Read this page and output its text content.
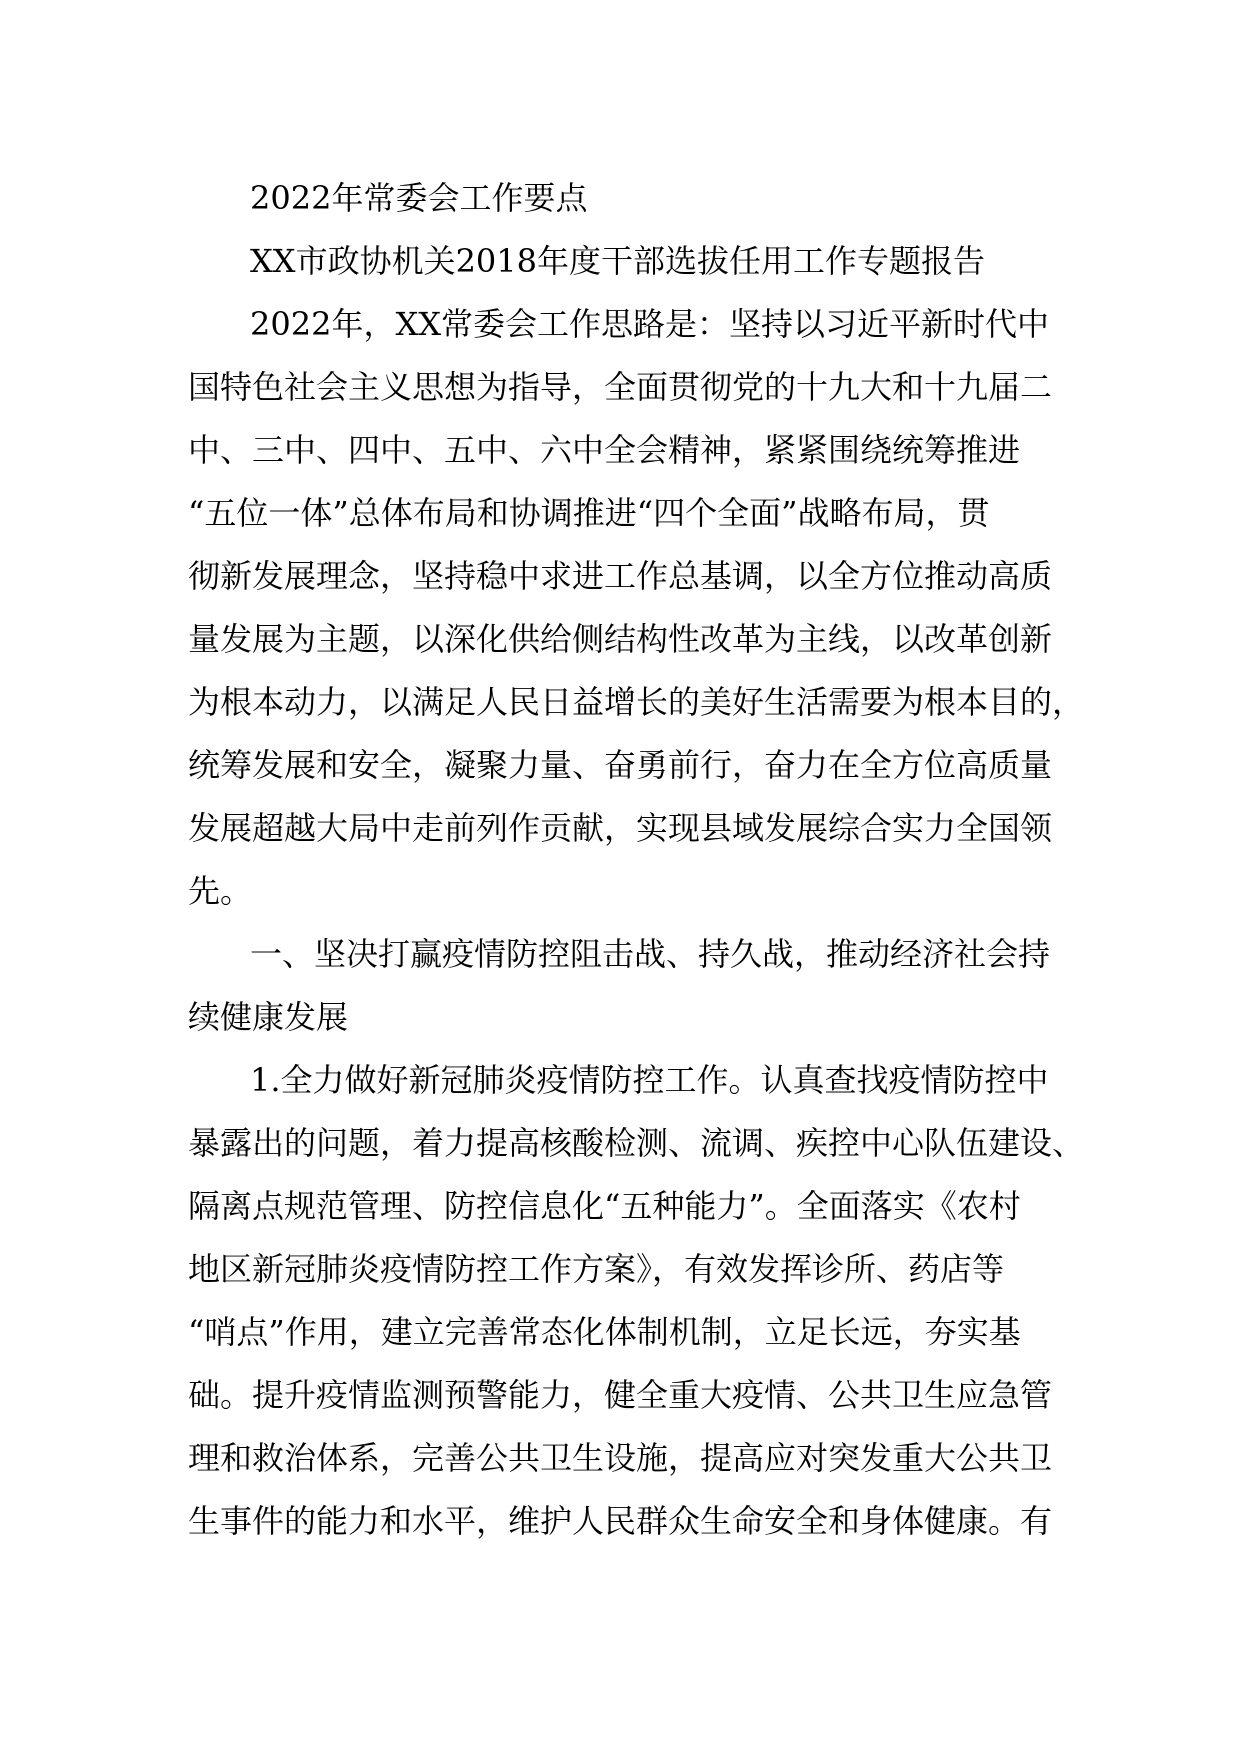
2022年常委会工作要点
XX市政协机关2018年度干部选拔任用工作专题报告
2022年，XX常委会工作思路是：坚持以习近平新时代中
国特色社会主义思想为指导，全面贯彻党的十九大和十九届二
中、三中、四中、五中、六中全会精神，紧紧围绕统筹推进
“五位一体”总体布局和协调推进“四个全面”战略布局，贯
彻新发展理念，坚持稳中求进工作总基调，以全方位推动高质
量发展为主题，以深化供给侧结构性改革为主线，以改革创新
为根本动力，以满足人民日益增长的美好生活需要为根本目的，
统筹发展和安全，凝聚力量、奋勇前行，奋力在全方位高质量
发展超越大局中走前列作贡献，实现县域发展综合实力全国领
先。
一、坚决打赢疫情防控阻击战、持久战，推动经济社会持
续健康发展
1.全力做好新冠肺炎疫情防控工作。认真查找疫情防控中
暴露出的问题，着力提高核酸检测、流调、疾控中心队伍建设、
隔离点规范管理、防控信息化“五种能力”。全面落实《农村
地区新冠肺炎疫情防控工作方案》，有效发挥诊所、药店等
“哨点”作用，建立完善常态化体制机制，立足长远，夯实基
础。提升疫情监测预警能力，健全重大疫情、公共卫生应急管
理和救治体系，完善公共卫生设施，提高应对突发重大公共卫
生事件的能力和水平，维护人民群众生命安全和身体健康。有
